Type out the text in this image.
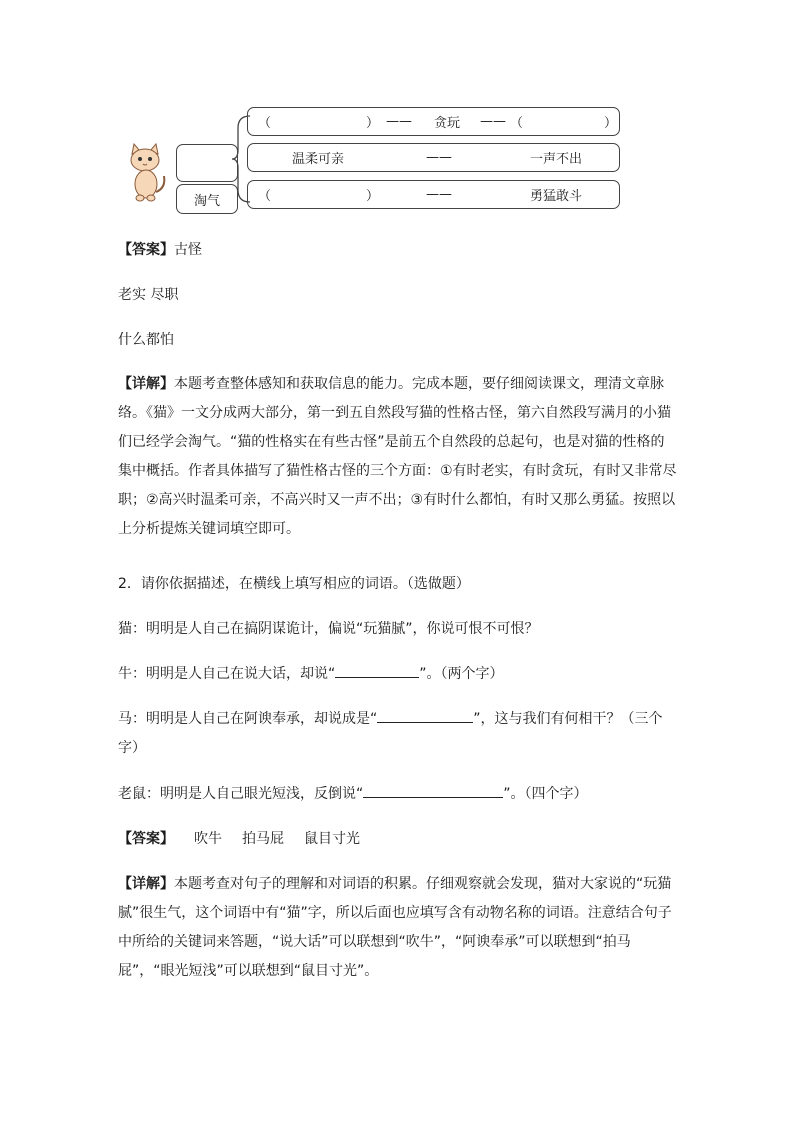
淘气
（	） —— 贪玩 —— （	）
温柔可亲	——	一声不出
（	）	——	勇猛敢斗

【答案】古怪

老实 尽职

什么都怕

【详解】本题考查整体感知和获取信息的能力。完成本题，要仔细阅读课文，理清文章脉络。《猫》一文分成两大部分，第一到五自然段写猫的性格古怪，第六自然段写满月的小猫们已经学会淘气。“猫的性格实在有些古怪”是前五个自然段的总起句，也是对猫的性格的集中概括。作者具体描写了猫性格古怪的三个方面：①有时老实，有时贪玩，有时又非常尽职；②高兴时温柔可亲，不高兴时又一声不出；③有时什么都怕，有时又那么勇猛。按照以上分析提炼关键词填空即可。

2．请你依据描述，在横线上填写相应的词语。（选做题）

猫：明明是人自己在搞阴谋诡计，偏说“玩猫腻”，你说可恨不可恨？

牛：明明是人自己在说大话，却说“	”。（两个字）

马：明明是人自己在阿谀奉承，却说成是“	”，这与我们有何相干？（三个
字）

老鼠：明明是人自己眼光短浅，反倒说“	”。（四个字）

【答案】 吹牛 拍马屁 鼠目寸光

【详解】本题考查对句子的理解和对词语的积累。仔细观察就会发现，猫对大家说的“玩猫腻”很生气，这个词语中有“猫”字，所以后面也应填写含有动物名称的词语。注意结合句子中所给的关键词来答题，“说大话”可以联想到“吹牛”，“阿谀奉承”可以联想到“拍马屁”，“眼光短浅”可以联想到“鼠目寸光”。
